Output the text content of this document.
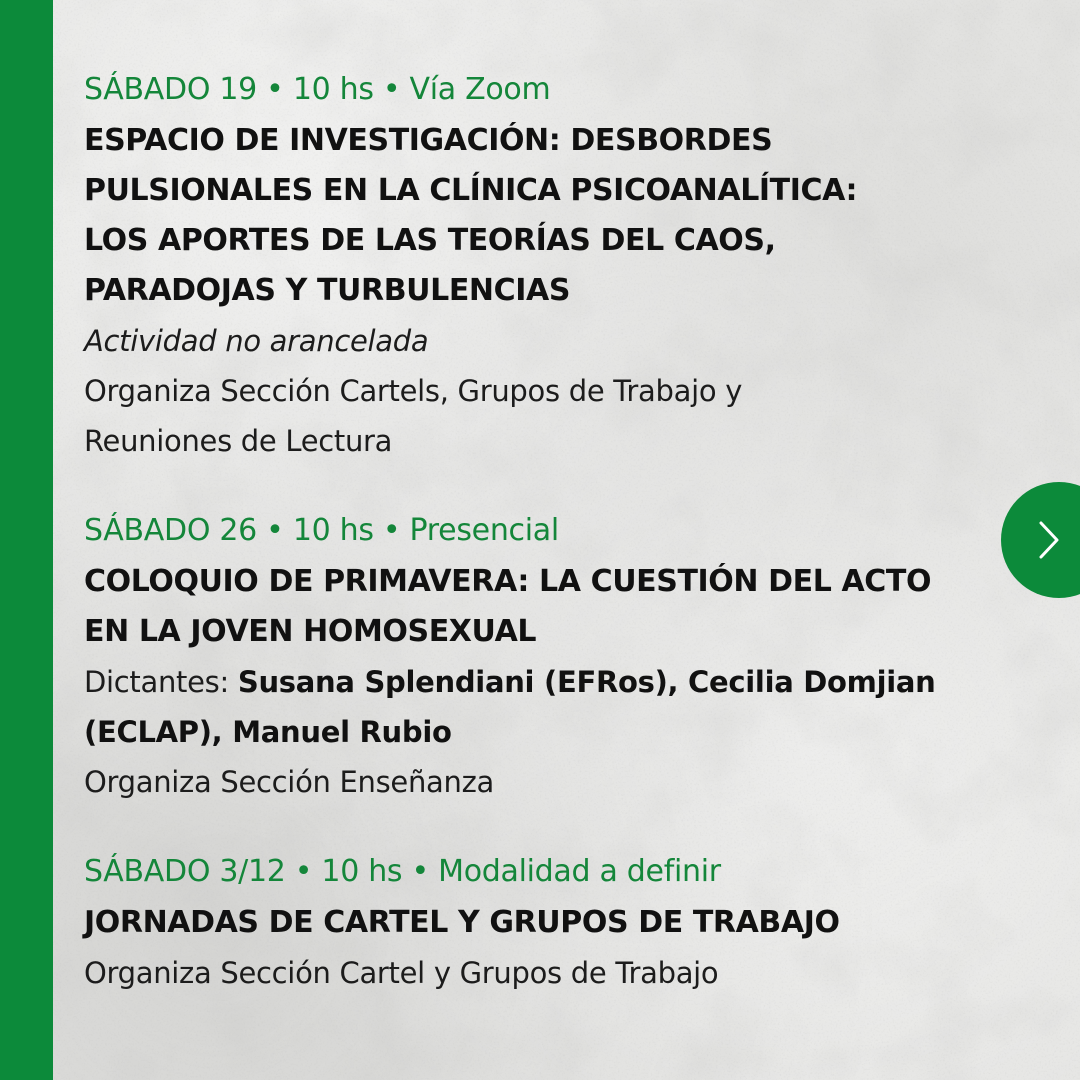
SÁBADO 19 • 10 hs • Vía Zoom
ESPACIO DE INVESTIGACIÓN: DESBORDES
PULSIONALES EN LA CLÍNICA PSICOANALÍTICA:
LOS APORTES DE LAS TEORÍAS DEL CAOS,
PARADOJAS Y TURBULENCIAS
Actividad no arancelada
Organiza Sección Cartels, Grupos de Trabajo y
Reuniones de Lectura
SÁBADO 26 • 10 hs • Presencial
COLOQUIO DE PRIMAVERA: LA CUESTIÓN DEL ACTO
EN LA JOVEN HOMOSEXUAL
Dictantes: Susana Splendiani (EFRos), Cecilia Domjian
(ECLAP), Manuel Rubio
Organiza Sección Enseñanza
SÁBADO 3/12 • 10 hs • Modalidad a definir
JORNADAS DE CARTEL Y GRUPOS DE TRABAJO
Organiza Sección Cartel y Grupos de Trabajo
